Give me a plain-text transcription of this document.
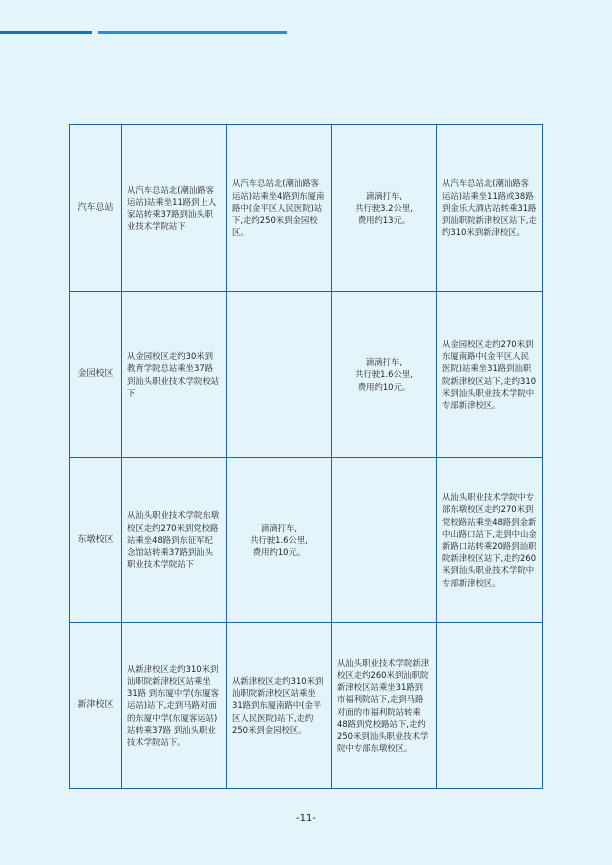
汽车总站	从汽车总站北(潮汕路客运站)站乘坐11路到上人家站转乘37路到汕头职业技术学院站下	从汽车总站北(潮汕路客运站)站乘坐4路到东厦南路中(金平区人民医院)站下,走约250米到金园校区。	滴滴打车,
共行驶3.2公里,
费用约13元。	从汽车总站北(潮汕路客运站)站乘坐11路或38路到金乐大酒店站转乘31路到汕职院新津校区站下,走约310米到新津校区。
金园校区	从金园校区走约30米到教育学院总站乘坐37路到汕头职业技术学院校站下		滴滴打车,
共行驶1.6公里,
费用约10元。	从金园校区走约270米到东厦南路中(金平区人民医院)站乘坐31路到汕职院新津校区站下,走约310米到汕头职业技术学院中专部新津校区。
东墩校区	从汕头职业技术学院东墩校区走约270米到党校路站乘坐48路到东征军纪念馆站转乘37路到汕头职业技术学院站下	滴滴打车,
共行驶1.6公里,
费用约10元。		从汕头职业技术学院中专部东墩校区走约270米到党校路站乘坐48路到金新中山路口站下,走到中山金新路口站转乘20路到汕职院新津校区站下,走约260米到汕头职业技术学院中专部新津校区。
新津校区	从新津校区走约310米到汕职院新津校区站乘坐 31路 到东厦中学(东厦客运站)站下,走到马路对面的东厦中学(东厦客运站)站转乘37路 到汕头职业技术学院站下。	从新津校区走约310米到汕职院新津校区站乘坐31路到东厦南路中(金平区人民医院)站下,走约250米到金园校区。	从汕头职业技术学院新津校区走约260米到汕职院新津校区站乘坐31路到市福利院站下,走到马路对面的市福利院站转乘48路到党校路站下,走约250米到汕头职业技术学院中专部东墩校区。	
-11-
